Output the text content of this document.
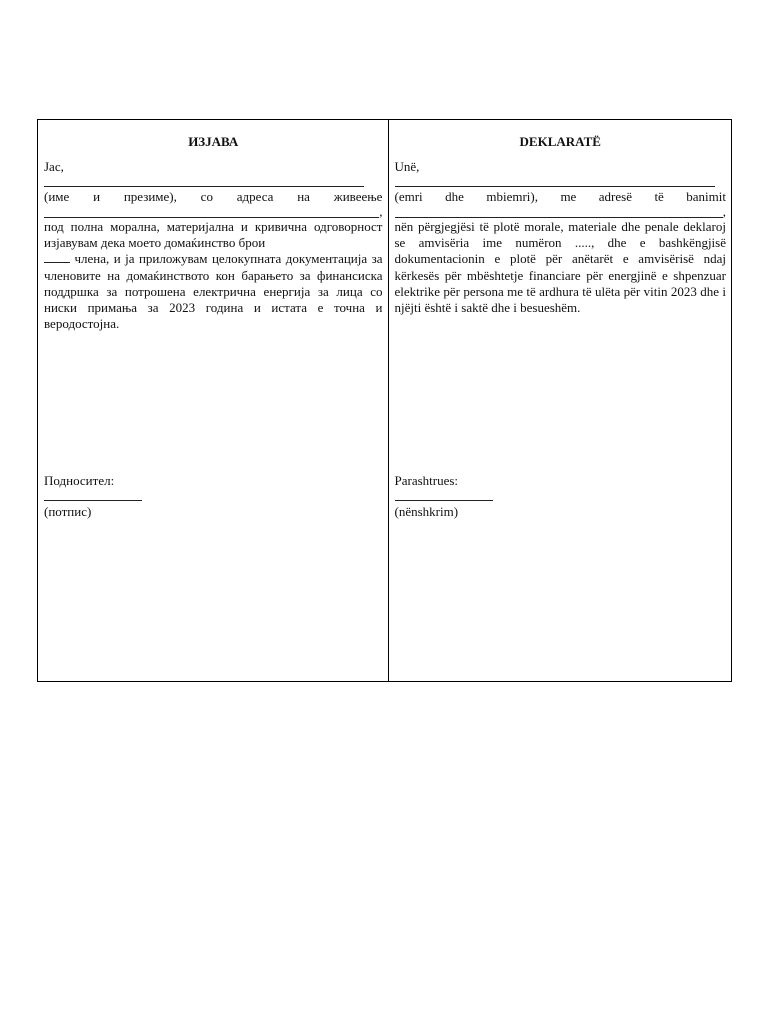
ИЗЈАВА
Јас,
(име и презиме), со адреса на живеење
,
под полна морална, материјална и кривична одговорност изјавувам дека моето домаќинство брои
члена, и ја приложувам целокупната документација за членовите на домаќинството кон барањето за финансиска поддршка за потрошена електрична енергија за лица со ниски примања за 2023 година и истата е точна и веродостојна.
Подносител:
(потпис)
DEKLARATË
Unë,
(emri dhe mbiemri), me adresë të banimit
,
nën përgjegjësi të plotë morale, materiale dhe penale deklaroj se amvisëria ime numëron ....., dhe e bashkëngjisë dokumentacionin e plotë për anëtarët e amvisërisë ndaj kërkesës për mbështetje financiare për energjinë e shpenzuar elektrike për persona me të ardhura të ulëta për vitin 2023 dhe i njëjti është i saktë dhe i besueshëm.
Parashtrues:
(nënshkrim)
